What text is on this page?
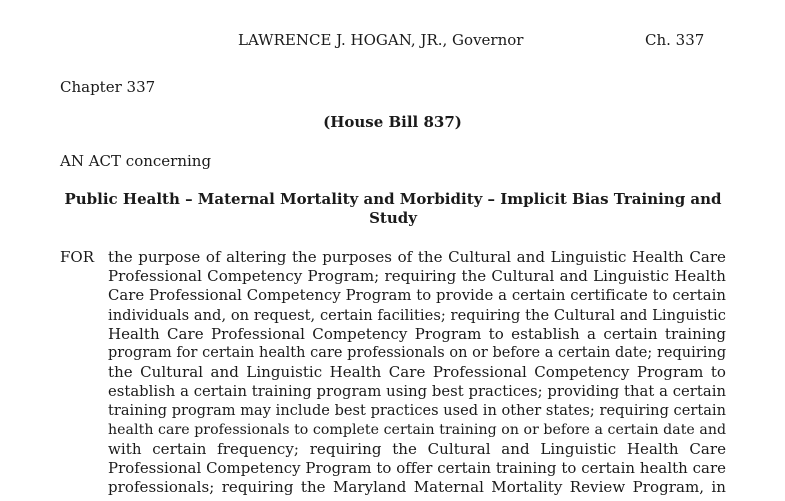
LAWRENCE J. HOGAN, JR., Governor	Ch. 337
Chapter 337
(House Bill 837)
AN ACT concerning
Public Health – Maternal Mortality and Morbidity – Implicit Bias Training and
Study
FOR the purpose of altering the purposes of the Cultural and Linguistic Health Care
Professional Competency Program; requiring the Cultural and Linguistic Health
Care Professional Competency Program to provide a certain certificate to certain
individuals and, on request, certain facilities; requiring the Cultural and Linguistic
Health Care Professional Competency Program to establish a certain training
program for certain health care professionals on or before a certain date; requiring
the Cultural and Linguistic Health Care Professional Competency Program to
establish a certain training program using best practices; providing that a certain
training program may include best practices used in other states; requiring certain
health care professionals to complete certain training on or before a certain date and
with certain frequency; requiring the Cultural and Linguistic Health Care
Professional Competency Program to offer certain training to certain health care
professionals; requiring the Maryland Maternal Mortality Review Program, in
